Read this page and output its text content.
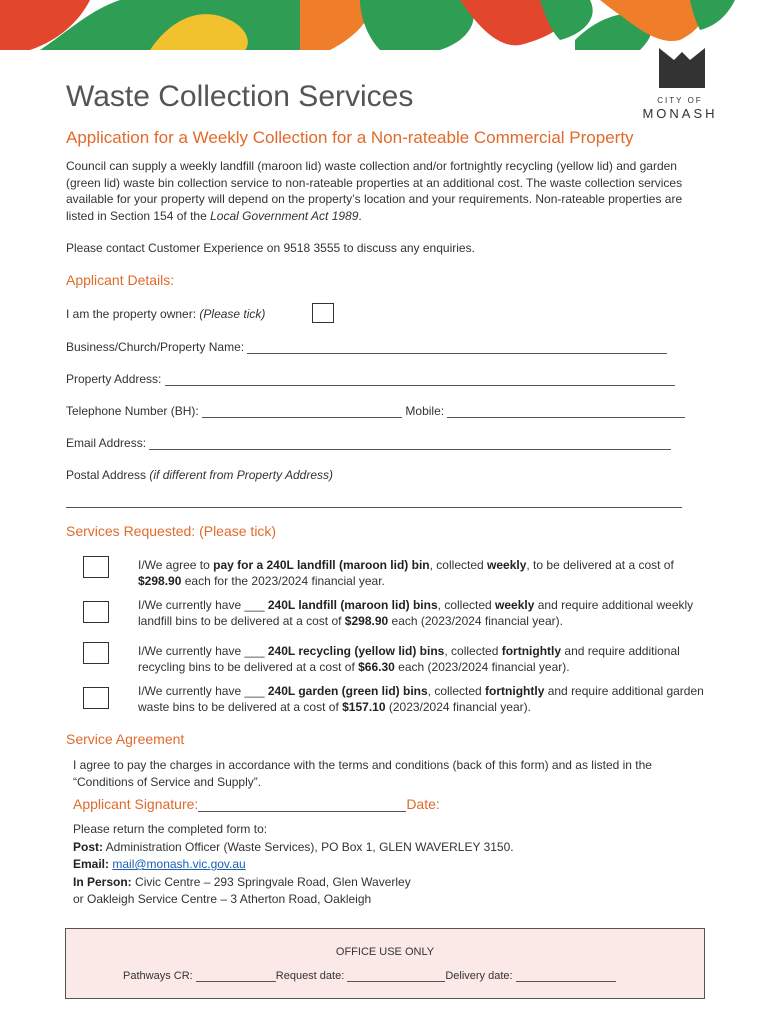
Waste Collection Services	CITY OF
MONASH
Application for a Weekly Collection for a Non-rateable Commercial Property
Council can supply a weekly landfill (maroon lid) waste collection and/or fortnightly recycling (yellow lid) and garden (green lid) waste bin collection service to non-rateable properties at an additional cost. The waste collection services available for your property will depend on the property’s location and your requirements. Non-rateable properties are listed in Section 154 of the Local Government Act 1989.
Please contact Customer Experience on 9518 3555 to discuss any enquiries.
Applicant Details:
I am the property owner: (Please tick)
Business/Church/Property Name:
Property Address:
Telephone Number (BH):	Mobile:
Email Address:
Postal Address (if different from Property Address)
Services Requested: (Please tick)
I/We agree to pay for a 240L landfill (maroon lid) bin, collected weekly, to be delivered at a cost of $298.90 each for the 2023/2024 financial year.
I/We currently have ___ 240L landfill (maroon lid) bins, collected weekly and require additional weekly landfill bins to be delivered at a cost of $298.90 each (2023/2024 financial year).
I/We currently have ___ 240L recycling (yellow lid) bins, collected fortnightly and require additional recycling bins to be delivered at a cost of $66.30 each (2023/2024 financial year).
I/We currently have ___ 240L garden (green lid) bins, collected fortnightly and require additional garden waste bins to be delivered at a cost of $157.10 (2023/2024 financial year).
Service Agreement
I agree to pay the charges in accordance with the terms and conditions (back of this form) and as listed in the “Conditions of Service and Supply”.
Applicant Signature:	Date:
Please return the completed form to:
Post: Administration Officer (Waste Services), PO Box 1, GLEN WAVERLEY 3150.
Email: mail@monash.vic.gov.au
In Person: Civic Centre – 293 Springvale Road, Glen Waverley
or Oakleigh Service Centre – 3 Atherton Road, Oakleigh
OFFICE USE ONLY
Pathways CR:	Request date:	Delivery date:
